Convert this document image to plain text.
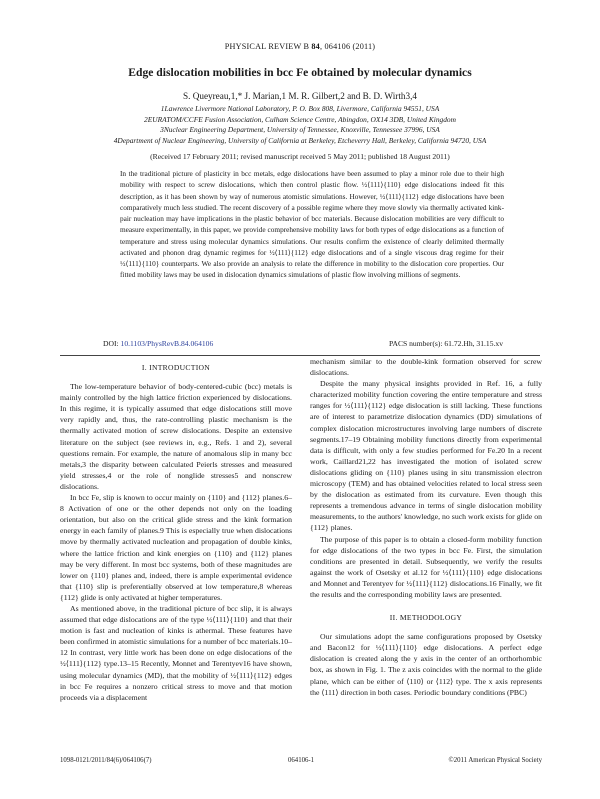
PHYSICAL REVIEW B 84, 064106 (2011)
Edge dislocation mobilities in bcc Fe obtained by molecular dynamics
S. Queyreau,1,* J. Marian,1 M. R. Gilbert,2 and B. D. Wirth3,4
1Lawrence Livermore National Laboratory, P. O. Box 808, Livermore, California 94551, USA
2EURATOM/CCFE Fusion Association, Culham Science Centre, Abingdon, OX14 3DB, United Kingdom
3Nuclear Engineering Department, University of Tennessee, Knoxville, Tennessee 37996, USA
4Department of Nuclear Engineering, University of California at Berkeley, Etcheverry Hall, Berkeley, California 94720, USA
(Received 17 February 2011; revised manuscript received 5 May 2011; published 18 August 2011)
In the traditional picture of plasticity in bcc metals, edge dislocations have been assumed to play a minor role due to their high mobility with respect to screw dislocations, which then control plastic flow. ½⟨111⟩{110} edge dislocations indeed fit this description, as it has been shown by way of numerous atomistic simulations. However, ½⟨111⟩{112} edge dislocations have been comparatively much less studied. The recent discovery of a possible regime where they move slowly via thermally activated kink-pair nucleation may have implications in the plastic behavior of bcc materials. Because dislocation mobilities are very difficult to measure experimentally, in this paper, we provide comprehensive mobility laws for both types of edge dislocations as a function of temperature and stress using molecular dynamics simulations. Our results confirm the existence of clearly delimited thermally activated and phonon drag dynamic regimes for ½⟨111⟩{112} edge dislocations and of a single viscous drag regime for their ½⟨111⟩{110} counterparts. We also provide an analysis to relate the difference in mobility to the dislocation core properties. Our fitted mobility laws may be used in dislocation dynamics simulations of plastic flow involving millions of segments.
DOI: 10.1103/PhysRevB.84.064106	PACS number(s): 61.72.Hh, 31.15.xv
I. INTRODUCTION

The low-temperature behavior of body-centered-cubic (bcc) metals is mainly controlled by the high lattice friction experienced by dislocations. In this regime, it is typically assumed that edge dislocations still move very rapidly and, thus, the rate-controlling plastic mechanism is the thermally activated motion of screw dislocations. Despite an extensive literature on the subject (see reviews in, e.g., Refs. 1 and 2), several questions remain. For example, the nature of anomalous slip in many bcc metals,3 the disparity between calculated Peierls stresses and measured yield stresses,4 or the role of nonglide stresses5 and nonscrew dislocations.

In bcc Fe, slip is known to occur mainly on {110} and {112} planes.6–8 Activation of one or the other depends not only on the loading orientation, but also on the critical glide stress and the kink formation energy in each family of planes.9 This is especially true when dislocations move by thermally activated nucleation and propagation of double kinks, where the lattice friction and kink energies on {110} and {112} planes may be very different. In most bcc systems, both of these magnitudes are lower on {110} planes and, indeed, there is ample experimental evidence that {110} slip is preferentially observed at low temperature,8 whereas {112} glide is only activated at higher temperatures.

As mentioned above, in the traditional picture of bcc slip, it is always assumed that edge dislocations are of the type ½⟨111⟩{110} and that their motion is fast and nucleation of kinks is athermal. These features have been confirmed in atomistic simulations for a number of bcc materials.10–12 In contrast, very little work has been done on edge dislocations of the ½⟨111⟩{112} type.13–15 Recently, Monnet and Terentyev16 have shown, using molecular dynamics (MD), that the mobility of ½⟨111⟩{112} edges in bcc Fe requires a nonzero critical stress to move and that motion proceeds via a displacement

mechanism similar to the double-kink formation observed for screw dislocations.

Despite the many physical insights provided in Ref. 16, a fully characterized mobility function covering the entire temperature and stress ranges for ½⟨111⟩{112} edge dislocation is still lacking. These functions are of interest to parametrize dislocation dynamics (DD) simulations of complex dislocation microstructures involving large numbers of discrete segments.17–19 Obtaining mobility functions directly from experimental data is difficult, with only a few studies performed for Fe.20 In a recent work, Caillard21,22 has investigated the motion of isolated screw dislocations gliding on {110} planes using in situ transmission electron microscopy (TEM) and has obtained velocities related to local stress seen by the dislocation as estimated from its curvature. Even though this represents a tremendous advance in terms of single dislocation mobility measurements, to the authors' knowledge, no such work exists for glide on {112} planes.

The purpose of this paper is to obtain a closed-form mobility function for edge dislocations of the two types in bcc Fe. First, the simulation conditions are presented in detail. Subsequently, we verify the results against the work of Osetsky et al.12 for ½⟨111⟩{110} edge dislocations and Monnet and Terentyev for ½⟨111⟩{112} dislocations.16 Finally, we fit the results and the corresponding mobility laws are presented.

II. METHODOLOGY

Our simulations adopt the same configurations proposed by Osetsky and Bacon12 for ½⟨111⟩{110} edge dislocations. A perfect edge dislocation is created along the y axis in the center of an orthorhombic box, as shown in Fig. 1. The z axis coincides with the normal to the glide plane, which can be either of ⟨110⟩ or ⟨112⟩ type. The x axis represents the ⟨111⟩ direction in both cases. Periodic boundary conditions (PBC)

1098-0121/2011/84(6)/064106(7)	064106-1	©2011 American Physical Society
